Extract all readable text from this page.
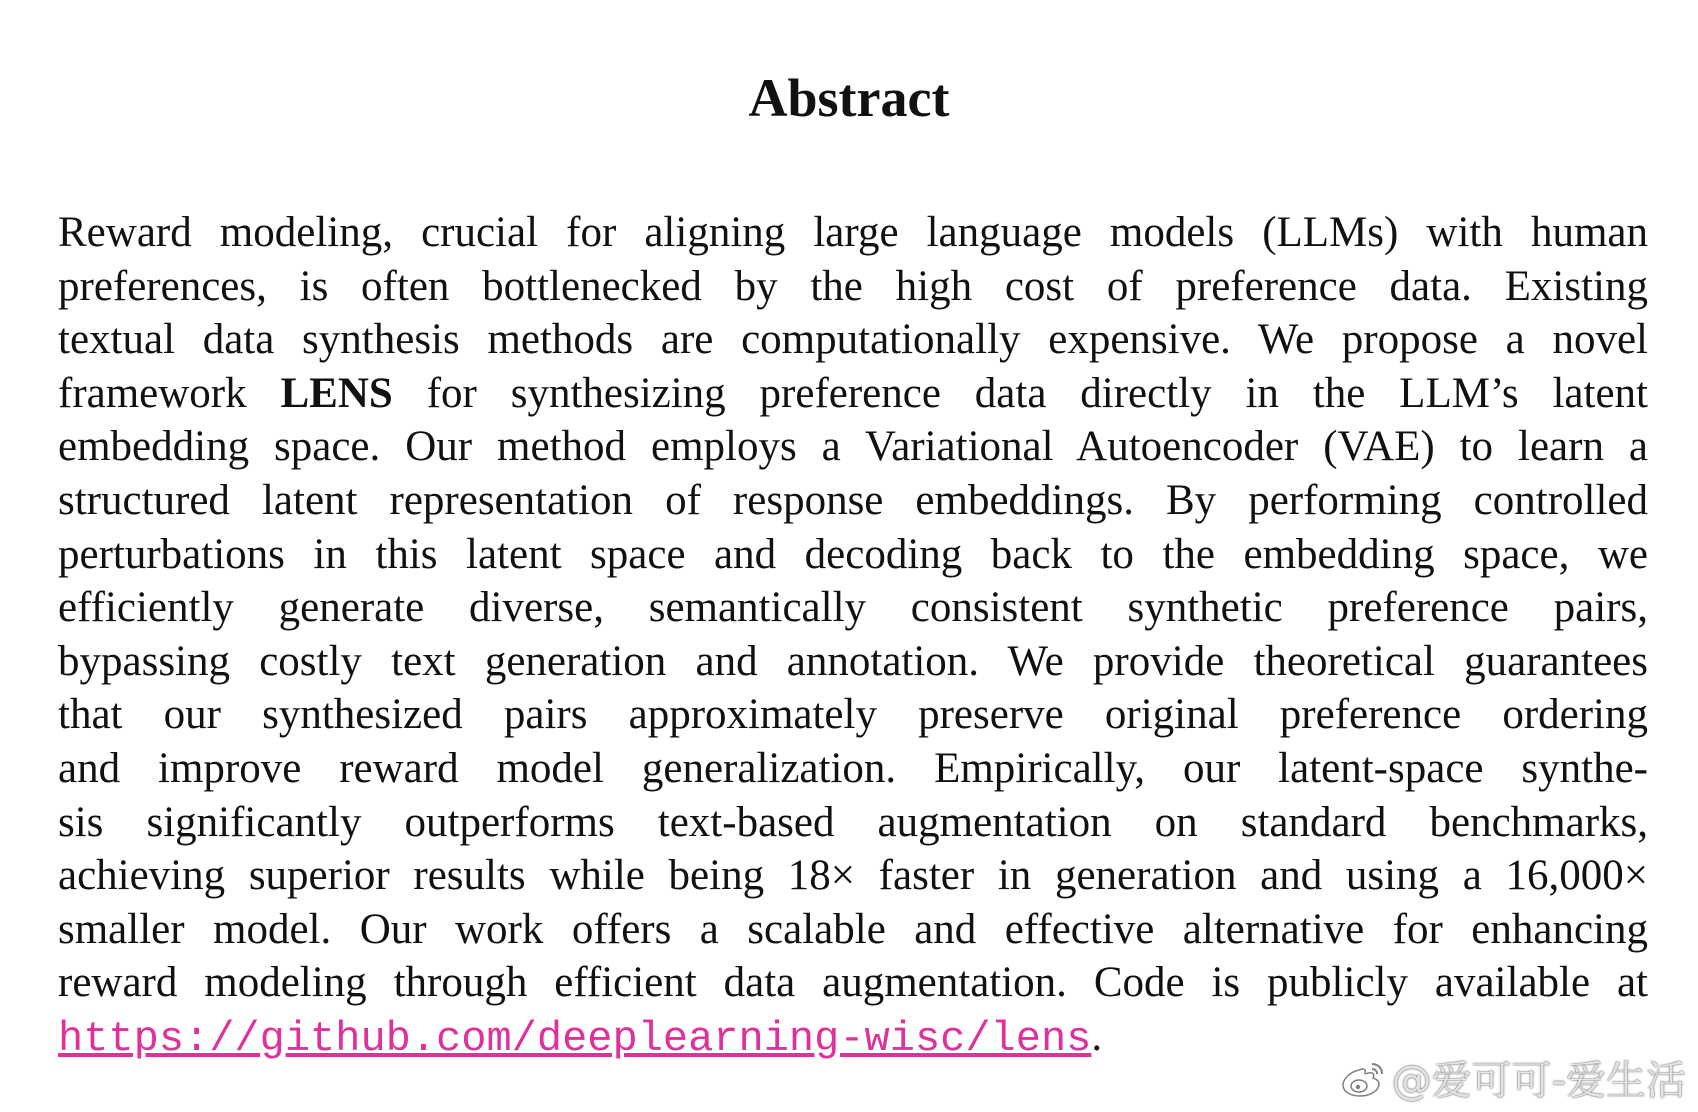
Abstract
Reward modeling, crucial for aligning large language models (LLMs) with human
preferences, is often bottlenecked by the high cost of preference data. Existing
textual data synthesis methods are computationally expensive. We propose a novel
framework LENS for synthesizing preference data directly in the LLM’s latent
embedding space. Our method employs a Variational Autoencoder (VAE) to learn a
structured latent representation of response embeddings. By performing controlled
perturbations in this latent space and decoding back to the embedding space, we
efficiently generate diverse, semantically consistent synthetic preference pairs,
bypassing costly text generation and annotation. We provide theoretical guarantees
that our synthesized pairs approximately preserve original preference ordering
and improve reward model generalization. Empirically, our latent-space synthe-
sis significantly outperforms text-based augmentation on standard benchmarks,
achieving superior results while being 18× faster in generation and using a 16,000×
smaller model. Our work offers a scalable and effective alternative for enhancing
reward modeling through efficient data augmentation. Code is publicly available at
https://github.com/deeplearning-wisc/lens.
@爱可可-爱生活
